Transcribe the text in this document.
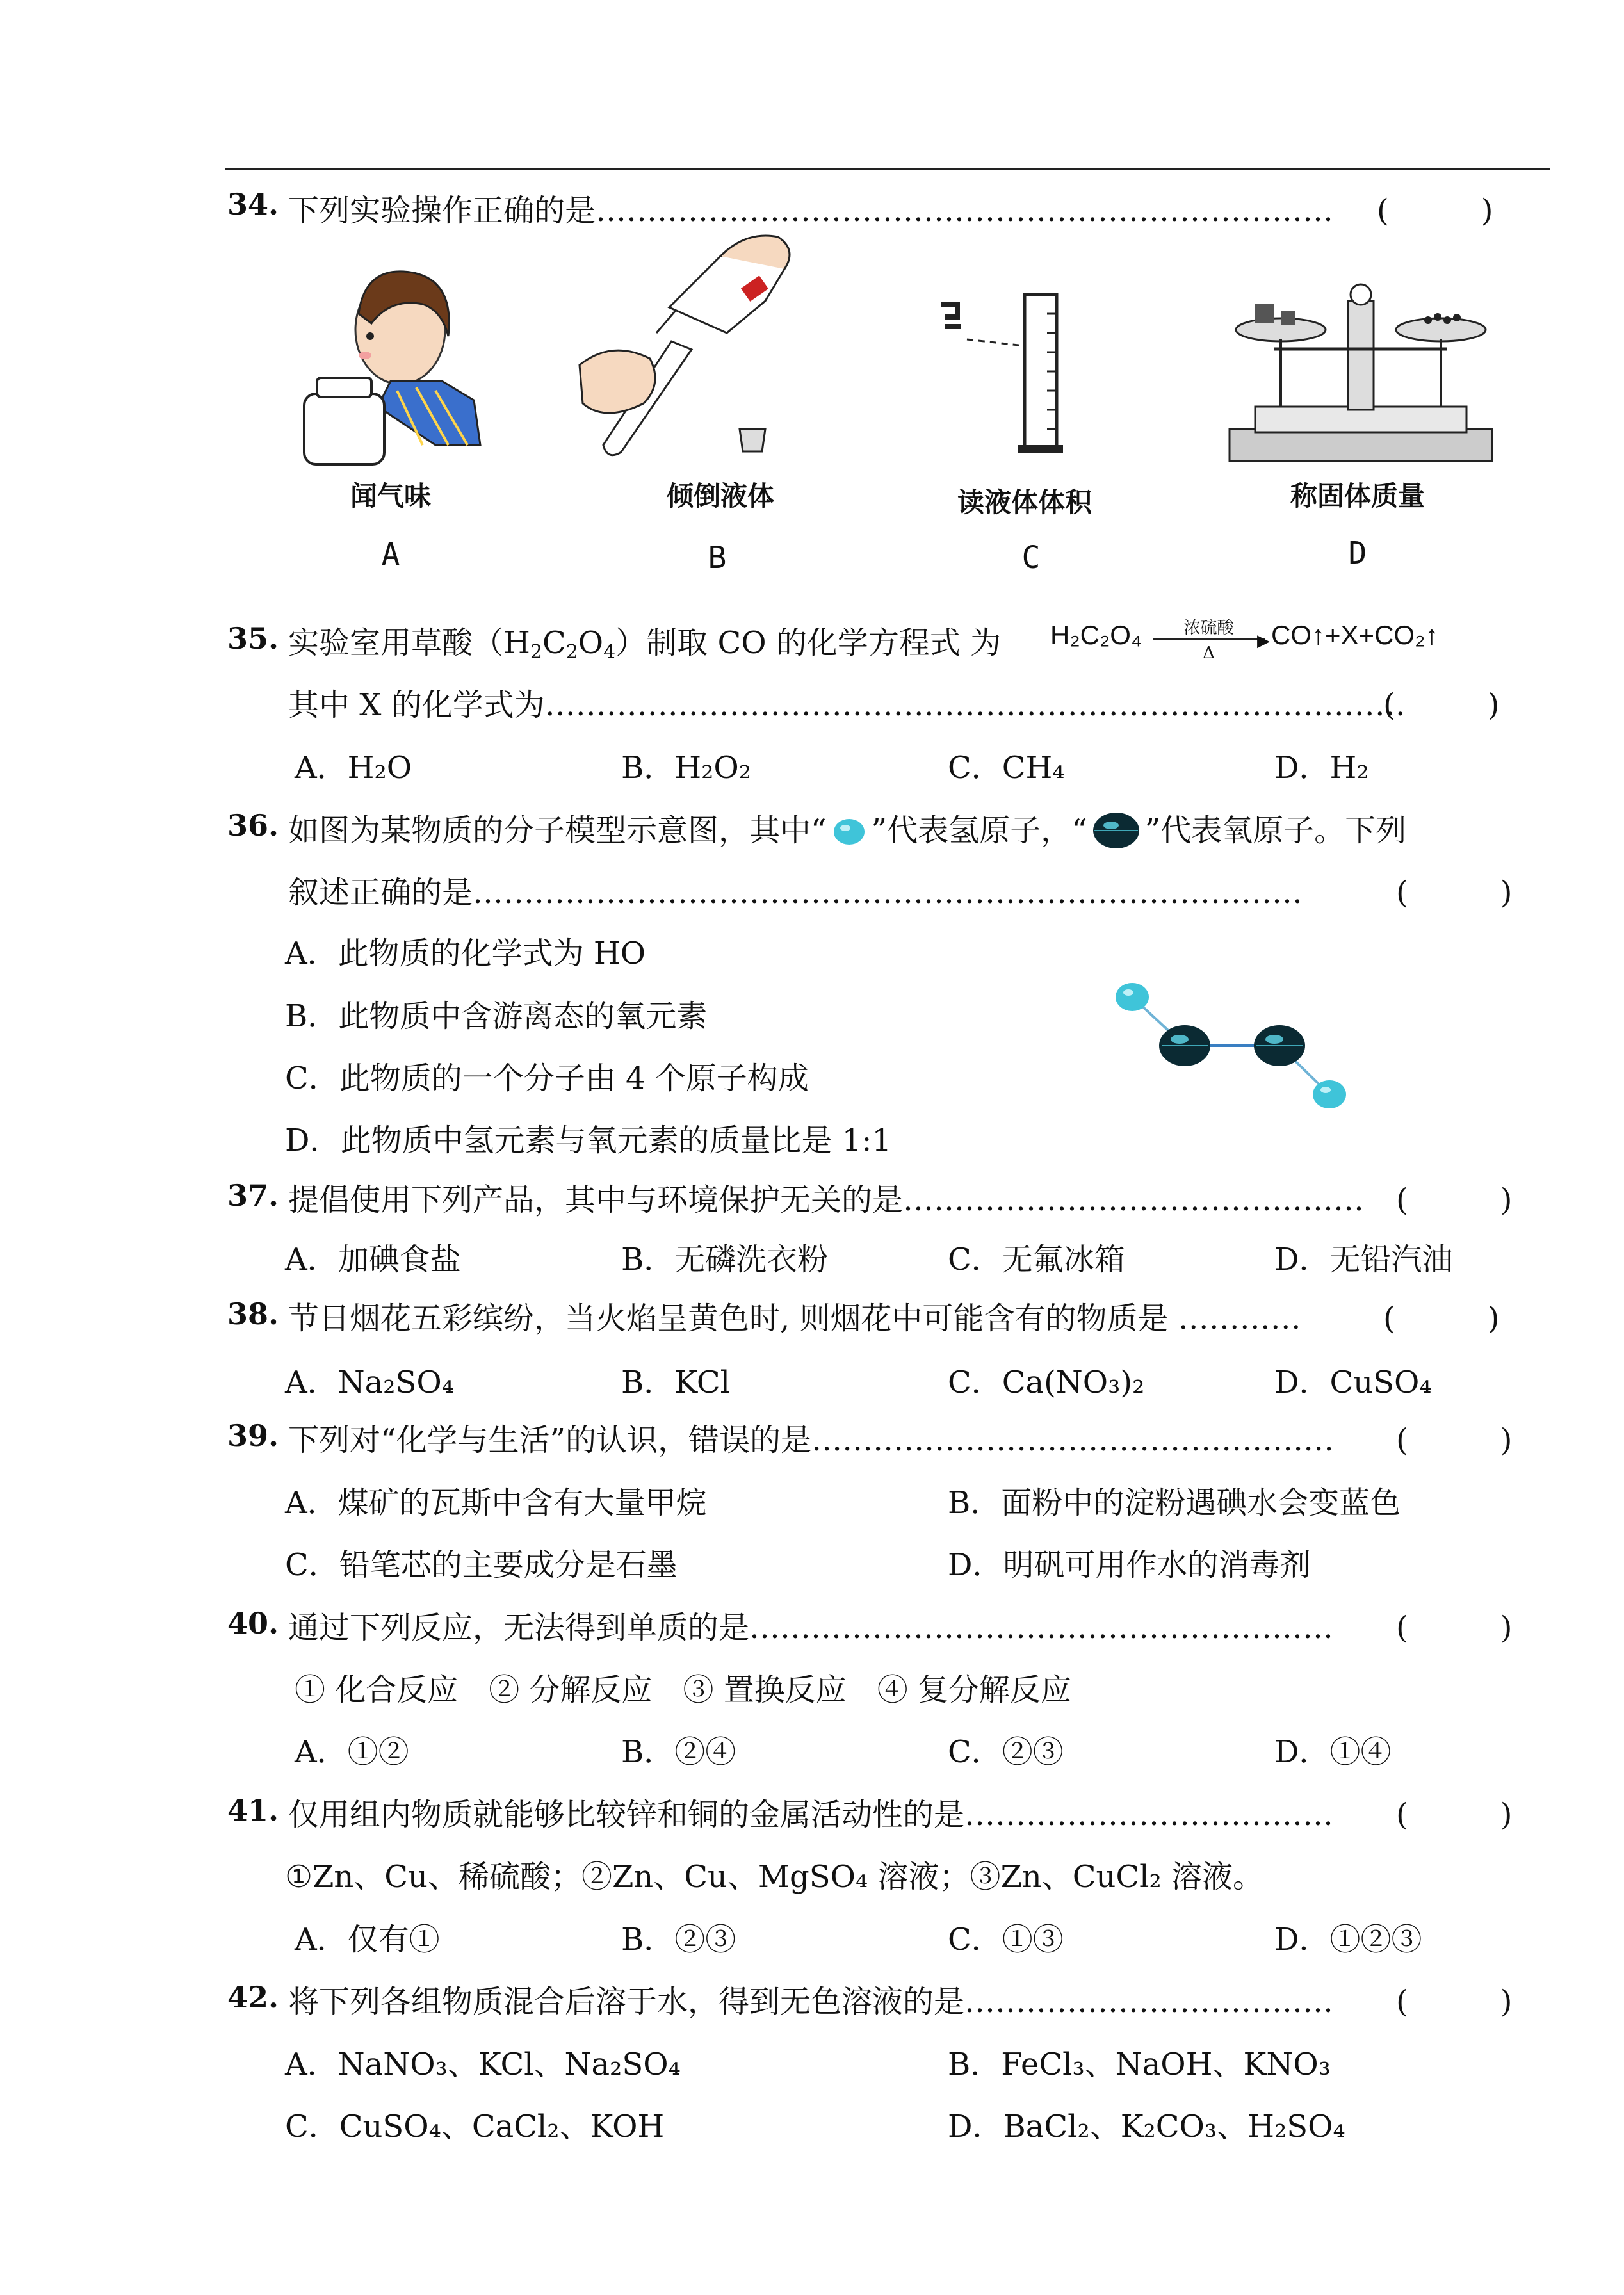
34. 下列实验操作正确的是……………………………………………………………… (　　　)
闻气味
A
倾倒液体
B
读液体体积
C
称固体质量
D
35. 实验室用草酸$(H_2C_2O_4)$制取 CO 的化学方程式 为 H₂C₂O₄	浓硫酸
▶
Δ
CO↑+X+CO₂↑
其中 X 的化学式为…………………………………………………………………………
(　　　)
A．H₂O	B．H₂O₂	C．CH₄	D．H₂
36. 如图为某物质的分子模型示意图，其中“ ”代表氢原子，“ ”代表氧原子。下列
叙述正确的是………………………………………………………………………	(　　　)
A．此物质的化学式为 HO
B．此物质中含游离态的氧元素
C．此物质的一个分子由 4 个原子构成
D．此物质中氢元素与氧元素的质量比是 1:1
37. 提倡使用下列产品，其中与环境保护无关的是……………………………………… (　　　)
A．加碘食盐	B．无磷洗衣粉	C．无氟冰箱	D．无铅汽油
38. 节日烟花五彩缤纷，当火焰呈黄色时, 则烟花中可能含有的物质是 …………	(　　　)
A．Na₂SO₄	B．KCl	C．Ca(NO₃)₂	D．CuSO₄
39. 下列对“化学与生活”的认识，错误的是…………………………………………… (　　　)
A．煤矿的瓦斯中含有大量甲烷	B．面粉中的淀粉遇碘水会变蓝色
C．铅笔芯的主要成分是石墨	D．明矾可用作水的消毒剂
40. 通过下列反应，无法得到单质的是………………………………………………… (　　　)
① 化合反应　② 分解反应　③ 置换反应　④ 复分解反应
A．①②	B．②④	C．②③	D．①④
41. 仅用组内物质就能够比较锌和铜的金属活动性的是……………………………… (　　　)
①Zn、Cu、稀硫酸；②Zn、Cu、MgSO₄ 溶液；③Zn、CuCl₂ 溶液。
A．仅有①	B．②③	C．①③	D．①②③
42. 将下列各组物质混合后溶于水，得到无色溶液的是……………………………… (　　　)
A．NaNO₃、KCl、Na₂SO₄	B．FeCl₃、NaOH、KNO₃
C．CuSO₄、CaCl₂、KOH	D．BaCl₂、K₂CO₃、H₂SO₄
